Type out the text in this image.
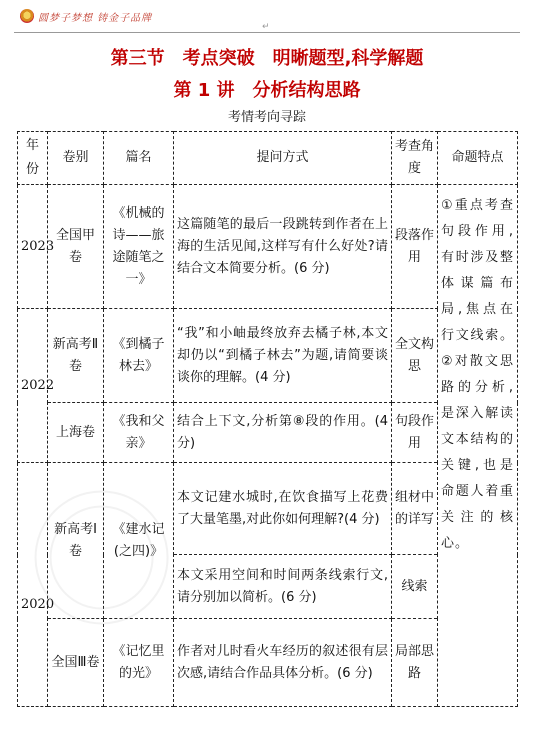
圆梦子梦想 铸金子品牌
↵
第三节　考点突破　明晰题型,科学解题
第 1 讲　分析结构思路
考情考向寻踪
年份	卷别	篇名	提问方式	考查角度	命题特点
2023	全国甲卷	《机械的诗——旅途随笔之一》	这篇随笔的最后一段跳转到作者在上海的生活见闻,这样写有什么好处?请结合文本简要分析。(6 分)	段落作用	①重点考查句段作用,有时涉及整体谋篇布局,焦点在行文线索。②对散文思路的分析,是深入解读文本结构的关键,也是命题人着重关注的核心。
2022	新高考Ⅱ卷	《到橘子林去》	“我”和小岫最终放弃去橘子林,本文却仍以“到橘子林去”为题,请简要谈谈你的理解。(4 分)	全文构思	
	上海卷	《我和父亲》	结合上下文,分析第⑧段的作用。(4 分)	句段作用	
2020	新高考Ⅰ卷	《建水记(之四)》	本文记建水城时,在饮食描写上花费了大量笔墨,对此你如何理解?(4 分)	组材中的详写	
			本文采用空间和时间两条线索行文,请分别加以简析。(6 分)	线索	
	全国Ⅲ卷	《记忆里的光》	作者对儿时看火车经历的叙述很有层次感,请结合作品具体分析。(6 分)	局部思路	
